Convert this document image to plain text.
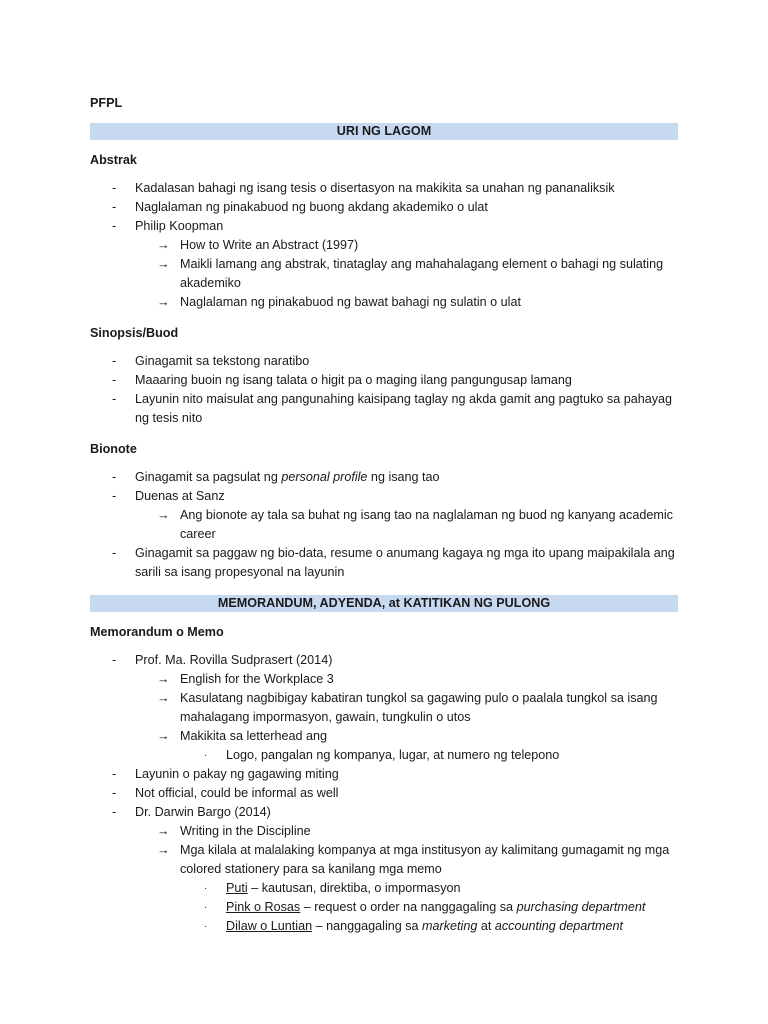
PFPL
URI NG LAGOM
Abstrak
- Kadalasan bahagi ng isang tesis o disertasyon na makikita sa unahan ng pananaliksik
- Naglalaman ng pinakabuod ng buong akdang akademiko o ulat
- Philip Koopman
→ How to Write an Abstract (1997)
→ Maikli lamang ang abstrak, tinataglay ang mahahalagang element o bahagi ng sulating akademiko
→ Naglalaman ng pinakabuod ng bawat bahagi ng sulatin o ulat
Sinopsis/Buod
- Ginagamit sa tekstong naratibo
- Maaaring buoin ng isang talata o higit pa o maging ilang pangungusap lamang
- Layunin nito maisulat ang pangunahing kaisipang taglay ng akda gamit ang pagtuko sa pahayag ng tesis nito
Bionote
- Ginagamit sa pagsulat ng personal profile ng isang tao
- Duenas at Sanz
→ Ang bionote ay tala sa buhat ng isang tao na naglalaman ng buod ng kanyang academic career
- Ginagamit sa paggaw ng bio-data, resume o anumang kagaya ng mga ito upang maipakilala ang sarili sa isang propesyonal na layunin
MEMORANDUM, ADYENDA, at KATITIKAN NG PULONG
Memorandum o Memo
- Prof. Ma. Rovilla Sudprasert (2014)
→ English for the Workplace 3
→ Kasulatang nagbibigay kabatiran tungkol sa gagawing pulo o paalala tungkol sa isang mahalagang impormasyon, gawain, tungkulin o utos
→ Makikita sa letterhead ang
· Logo, pangalan ng kompanya, lugar, at numero ng telepono
- Layunin o pakay ng gagawing miting
- Not official, could be informal as well
- Dr. Darwin Bargo (2014)
→ Writing in the Discipline
→ Mga kilala at malalaking kompanya at mga institusyon ay kalimitang gumagamit ng mga colored stationery para sa kanilang mga memo
· Puti – kautusan, direktiba, o impormasyon
· Pink o Rosas – request o order na nanggagaling sa purchasing department
· Dilaw o Luntian – nanggagaling sa marketing at accounting department
